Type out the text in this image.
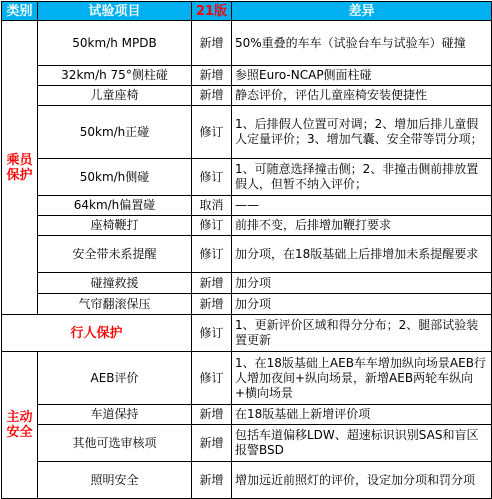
类别	试验项目	21版	差异
乘员
保护	50km/h MPDB	新增	50%重叠的车车（试验台车与试验车）碰撞
	32km/h 75°侧柱碰	新增	参照Euro-NCAP侧面柱碰
	儿童座椅	新增	静态评价，评估儿童座椅安装便捷性
	50km/h正碰	修订	1、后排假人位置可对调；2、增加后排儿童假人定量评价；3、增加气囊、安全带等罚分项；
	50km/h侧碰	修订	1、可随意选择撞击侧；2、非撞击侧前排放置假人，但暂不纳入评价；
	64km/h偏置碰	取消	——
	座椅鞭打	修订	前排不变，后排增加鞭打要求
	安全带未系提醒	修订	加分项，在18版基础上后排增加未系提醒要求
	碰撞救援	新增	加分项
	气帘翻滚保压	新增	加分项
行人保护		修订	1、更新评价区域和得分分布；2、腿部试验装置更新
主动
安全	AEB评价	修订	1、在18版基础上AEB车车增加纵向场景AEB行人增加夜间+纵向场景，新增AEB两轮车纵向+横向场景
	车道保持	新增	在18版基础上新增评价项
	其他可选审核项	新增	包括车道偏移LDW、超速标识识别SAS和盲区报警BSD
	照明安全	新增	增加远近前照灯的评价，设定加分项和罚分项
